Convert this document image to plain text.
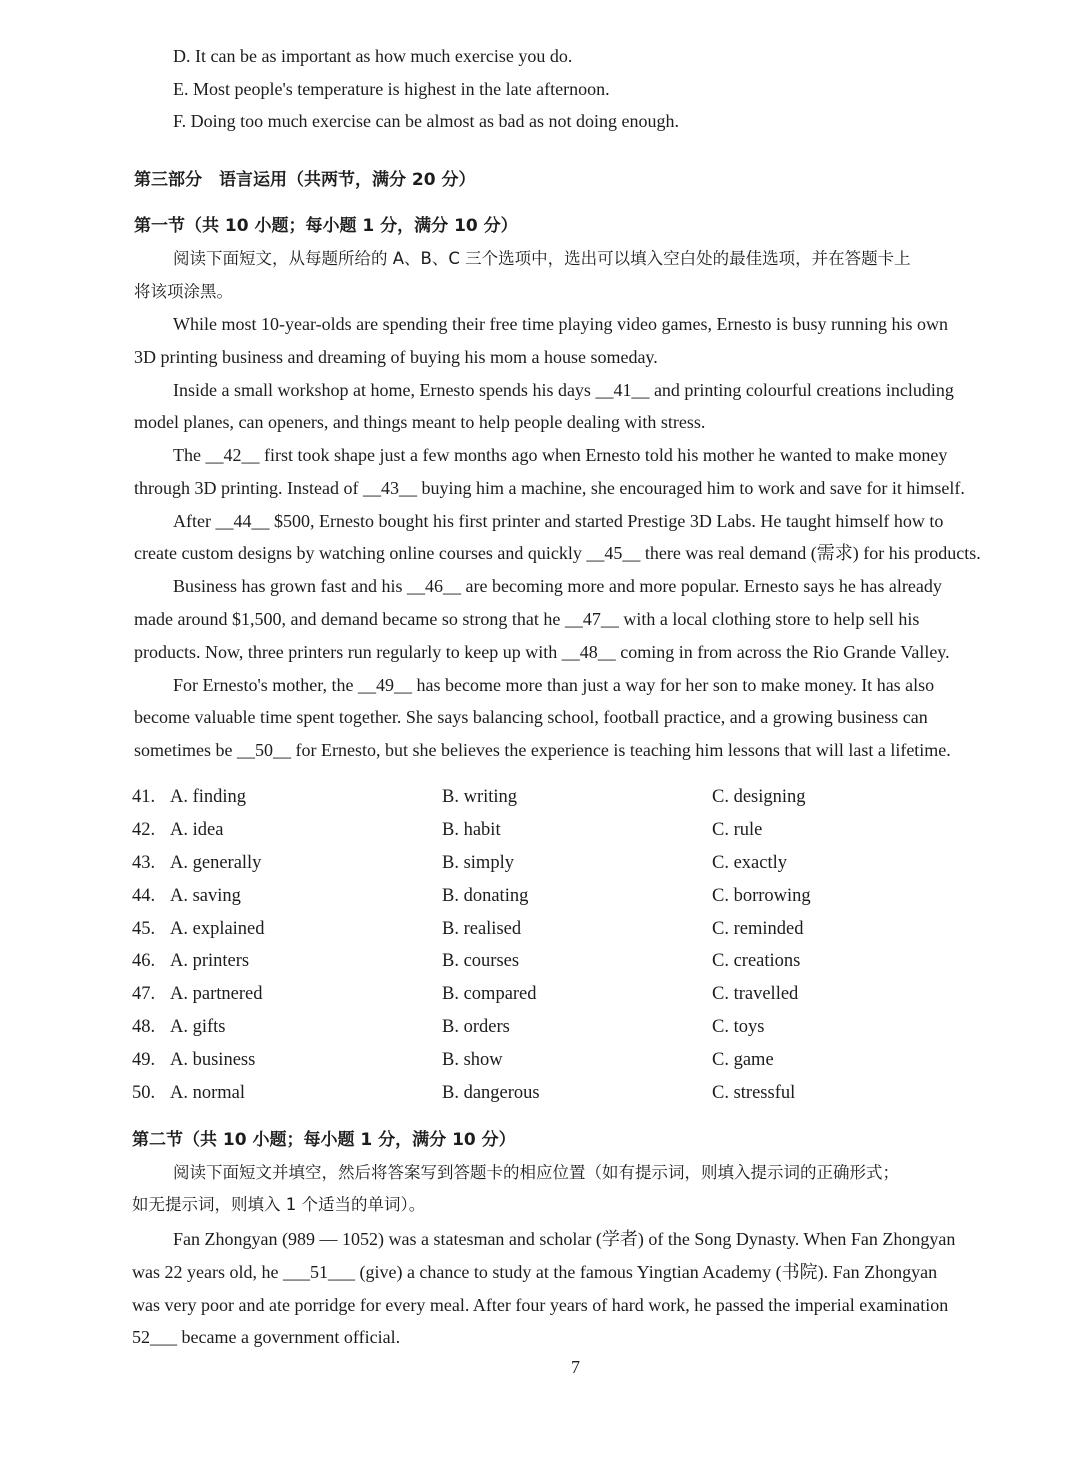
D. It can be as important as how much exercise you do.
E. Most people's temperature is highest in the late afternoon.
F. Doing too much exercise can be almost as bad as not doing enough.
第三部分　语言运用（共两节，满分 20 分）
第一节（共 10 小题；每小题 1 分，满分 10 分）
阅读下面短文，从每题所给的 A、B、C 三个选项中，选出可以填入空白处的最佳选项，并在答题卡上
将该项涂黑。
While most 10-year-olds are spending their free time playing video games, Ernesto is busy running his own
3D printing business and dreaming of buying his mom a house someday.
Inside a small workshop at home, Ernesto spends his days __41__ and printing colourful creations including
model planes, can openers, and things meant to help people dealing with stress.
The __42__ first took shape just a few months ago when Ernesto told his mother he wanted to make money
through 3D printing. Instead of __43__ buying him a machine, she encouraged him to work and save for it himself.
After __44__ $500, Ernesto bought his first printer and started Prestige 3D Labs. He taught himself how to
create custom designs by watching online courses and quickly __45__ there was real demand (需求) for his products.
Business has grown fast and his __46__ are becoming more and more popular. Ernesto says he has already
made around $1,500, and demand became so strong that he __47__ with a local clothing store to help sell his
products. Now, three printers run regularly to keep up with __48__ coming in from across the Rio Grande Valley.
For Ernesto's mother, the __49__ has become more than just a way for her son to make money. It has also
become valuable time spent together. She says balancing school, football practice, and a growing business can
sometimes be __50__ for Ernesto, but she believes the experience is teaching him lessons that will last a lifetime.
41. A. finding	B. writing	C. designing
42. A. idea	B. habit	C. rule
43. A. generally	B. simply	C. exactly
44. A. saving	B. donating	C. borrowing
45. A. explained	B. realised	C. reminded
46. A. printers	B. courses	C. creations
47. A. partnered	B. compared	C. travelled
48. A. gifts	B. orders	C. toys
49. A. business	B. show	C. game
50. A. normal	B. dangerous	C. stressful
第二节（共 10 小题；每小题 1 分，满分 10 分）
阅读下面短文并填空，然后将答案写到答题卡的相应位置（如有提示词，则填入提示词的正确形式；
如无提示词，则填入 1 个适当的单词）。
Fan Zhongyan (989 — 1052) was a statesman and scholar (学者) of the Song Dynasty. When Fan Zhongyan
was 22 years old, he ___51___ (give) a chance to study at the famous Yingtian Academy (书院). Fan Zhongyan
was very poor and ate porridge for every meal. After four years of hard work, he passed the imperial examination
52___ became a government official.
7
